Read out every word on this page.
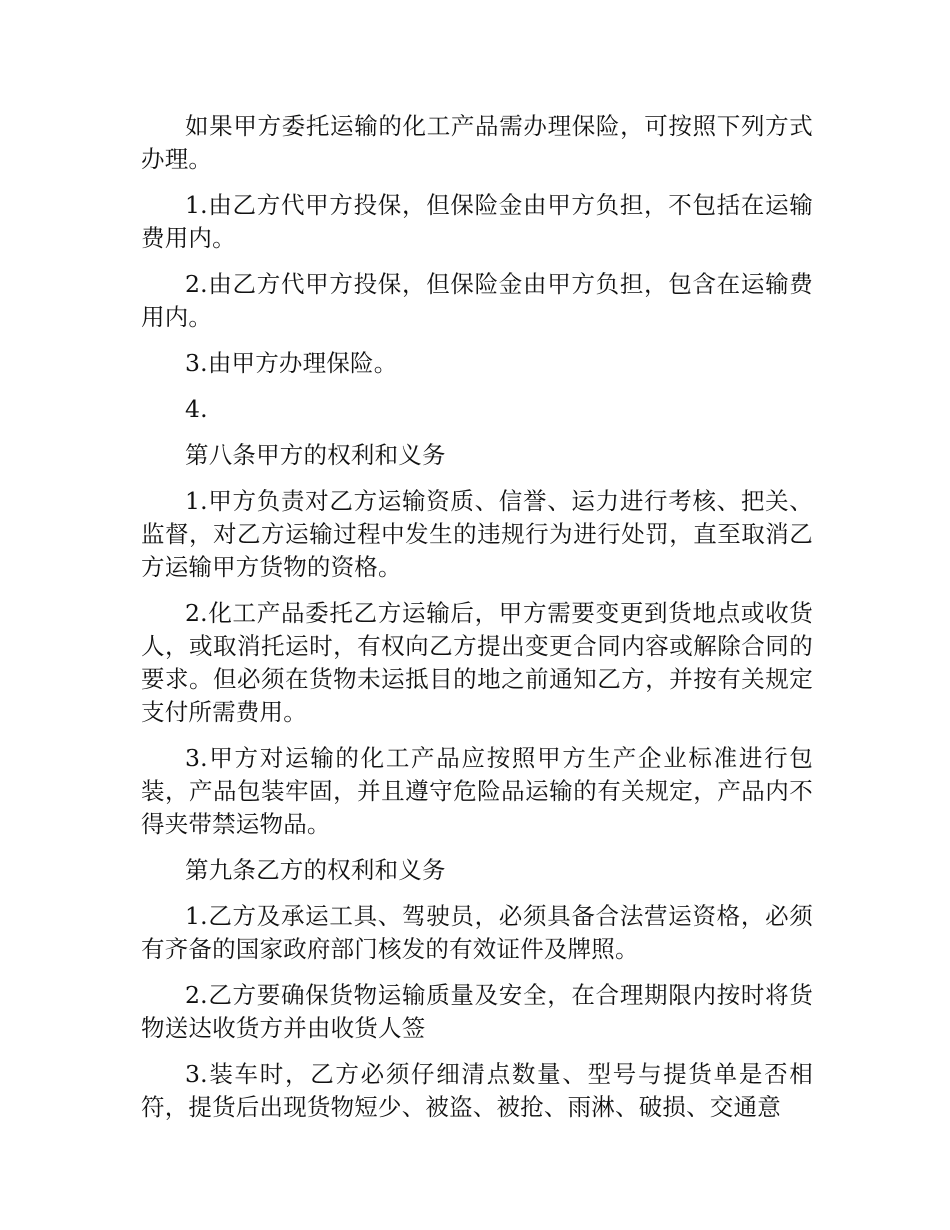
如果甲方委托运输的化工产品需办理保险，可按照下列方式办理。

1.由乙方代甲方投保，但保险金由甲方负担，不包括在运输费用内。

2.由乙方代甲方投保，但保险金由甲方负担，包含在运输费用内。

3.由甲方办理保险。

4.

第八条甲方的权利和义务

1.甲方负责对乙方运输资质、信誉、运力进行考核、把关、监督，对乙方运输过程中发生的违规行为进行处罚，直至取消乙方运输甲方货物的资格。

2.化工产品委托乙方运输后，甲方需要变更到货地点或收货人，或取消托运时，有权向乙方提出变更合同内容或解除合同的要求。但必须在货物未运抵目的地之前通知乙方，并按有关规定支付所需费用。

3.甲方对运输的化工产品应按照甲方生产企业标准进行包装，产品包装牢固，并且遵守危险品运输的有关规定，产品内不得夹带禁运物品。

第九条乙方的权利和义务

1.乙方及承运工具、驾驶员，必须具备合法营运资格，必须有齐备的国家政府部门核发的有效证件及牌照。

2.乙方要确保货物运输质量及安全，在合理期限内按时将货物送达收货方并由收货人签

3.装车时，乙方必须仔细清点数量、型号与提货单是否相符，提货后出现货物短少、被盗、被抢、雨淋、破损、交通意
